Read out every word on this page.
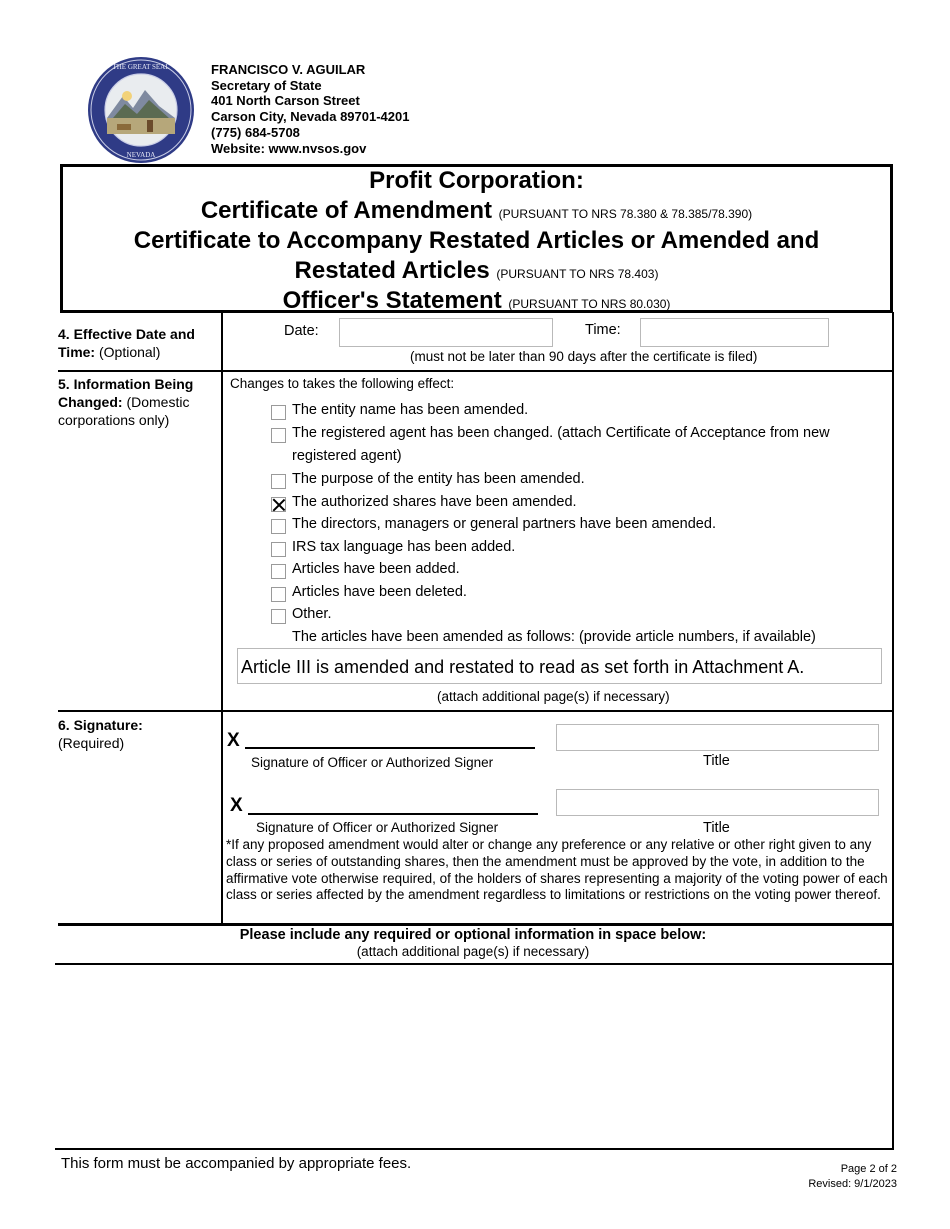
THE GREAT SEAL
NEVADA
FRANCISCO V. AGUILAR
Secretary of State
401 North Carson Street
Carson City, Nevada 89701-4201
(775) 684-5708
Website: www.nvsos.gov
Profit Corporation:
Certificate of Amendment (PURSUANT TO NRS 78.380 & 78.385/78.390)
Certificate to Accompany Restated Articles or Amended and
Restated Articles (PURSUANT TO NRS 78.403)
Officer's Statement (PURSUANT TO NRS 80.030)
4. Effective Date and Time: (Optional)
Date:	Time:
(must not be later than 90 days after the certificate is filed)
5. Information Being Changed: (Domestic corporations only)
Changes to takes the following effect:
The entity name has been amended.
The registered agent has been changed. (attach Certificate of Acceptance from new
registered agent)
The purpose of the entity has been amended.
The authorized shares have been amended.
The directors, managers or general partners have been amended.
IRS tax language has been added.
Articles have been added.
Articles have been deleted.
Other.
The articles have been amended as follows: (provide article numbers, if available)
Article III is amended and restated to read as set forth in Attachment A.
(attach additional page(s) if necessary)
6. Signature:
(Required)	X
Signature of Officer or Authorized Signer	Title
X
Signature of Officer or Authorized Signer	Title
*If any proposed amendment would alter or change any preference or any relative or other right given to any class or series of outstanding shares, then the amendment must be approved by the vote, in addition to the affirmative vote otherwise required, of the holders of shares representing a majority of the voting power of each class or series affected by the amendment regardless to limitations or restrictions on the voting power thereof.
Please include any required or optional information in space below:
(attach additional page(s) if necessary)
This form must be accompanied by appropriate fees.	Page 2 of 2
Revised: 9/1/2023
